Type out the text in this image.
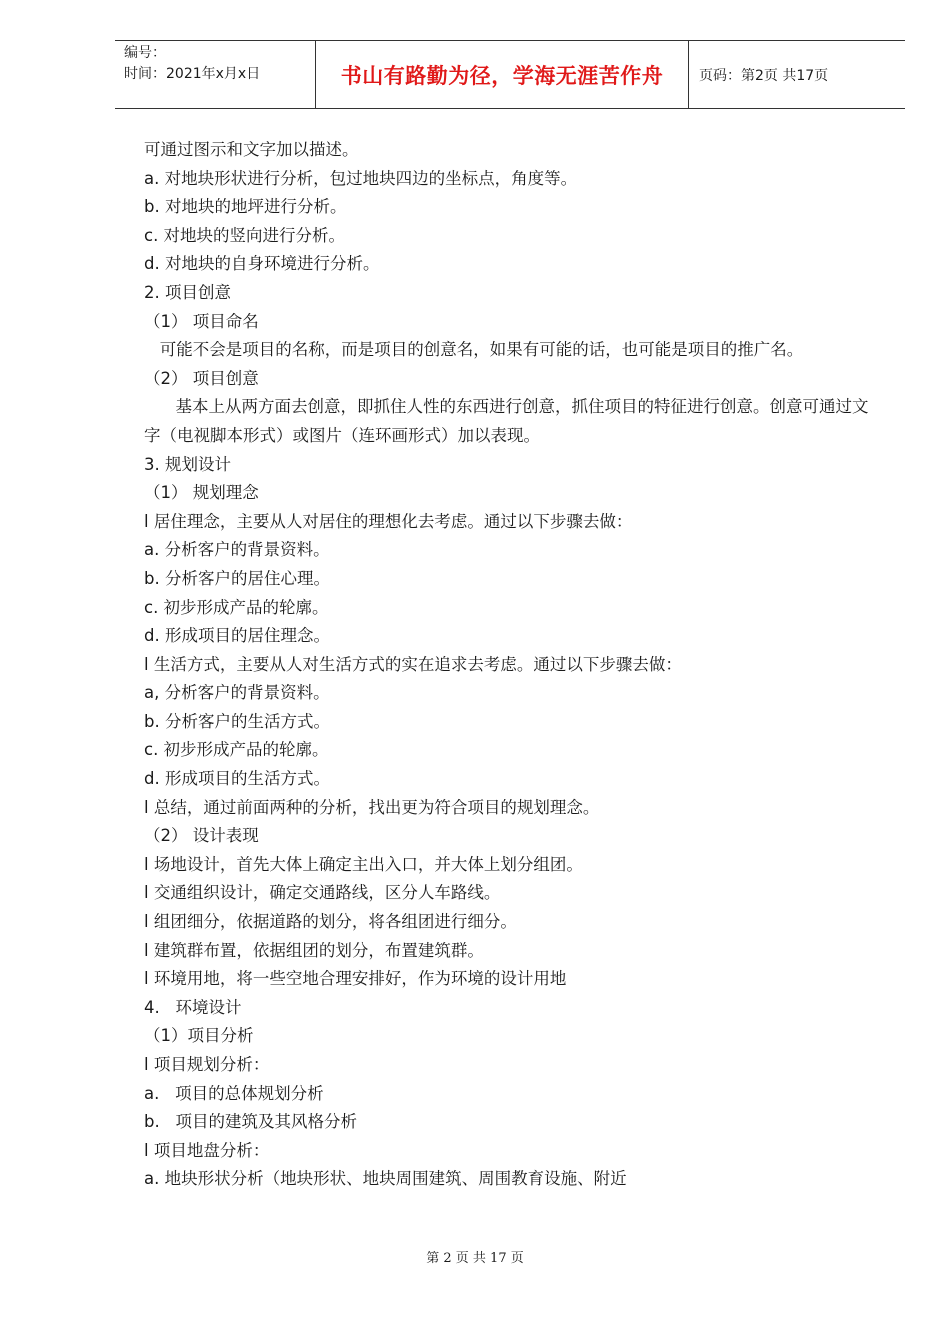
编号：
时间：2021年x月x日	书山有路勤为径，学海无涯苦作舟	页码：第2页 共17页
可通过图示和文字加以描述。
a. 对地块形状进行分析，包过地块四边的坐标点，角度等。
b. 对地块的地坪进行分析。
c. 对地块的竖向进行分析。
d. 对地块的自身环境进行分析。
2. 项目创意
（1） 项目命名
可能不会是项目的名称，而是项目的创意名，如果有可能的话，也可能是项目的推广名。
（2） 项目创意
基本上从两方面去创意，即抓住人性的东西进行创意，抓住项目的特征进行创意。创意可通过文字（电视脚本形式）或图片（连环画形式）加以表现。
3. 规划设计
（1） 规划理念
l 居住理念，主要从人对居住的理想化去考虑。通过以下步骤去做：
a. 分析客户的背景资料。
b. 分析客户的居住心理。
c. 初步形成产品的轮廓。
d. 形成项目的居住理念。
l 生活方式，主要从人对生活方式的实在追求去考虑。通过以下步骤去做：
a, 分析客户的背景资料。
b. 分析客户的生活方式。
c. 初步形成产品的轮廓。
d. 形成项目的生活方式。
l 总结，通过前面两种的分析，找出更为符合项目的规划理念。
（2） 设计表现
l 场地设计，首先大体上确定主出入口，并大体上划分组团。
l 交通组织设计，确定交通路线，区分人车路线。
l 组团细分，依据道路的划分，将各组团进行细分。
l 建筑群布置，依据组团的划分，布置建筑群。
l 环境用地，将一些空地合理安排好，作为环境的设计用地
4.   环境设计
（1）项目分析
l 项目规划分析：
a.   项目的总体规划分析
b.   项目的建筑及其风格分析
l 项目地盘分析：
a. 地块形状分析（地块形状、地块周围建筑、周围教育设施、附近
第 2 页 共 17 页
